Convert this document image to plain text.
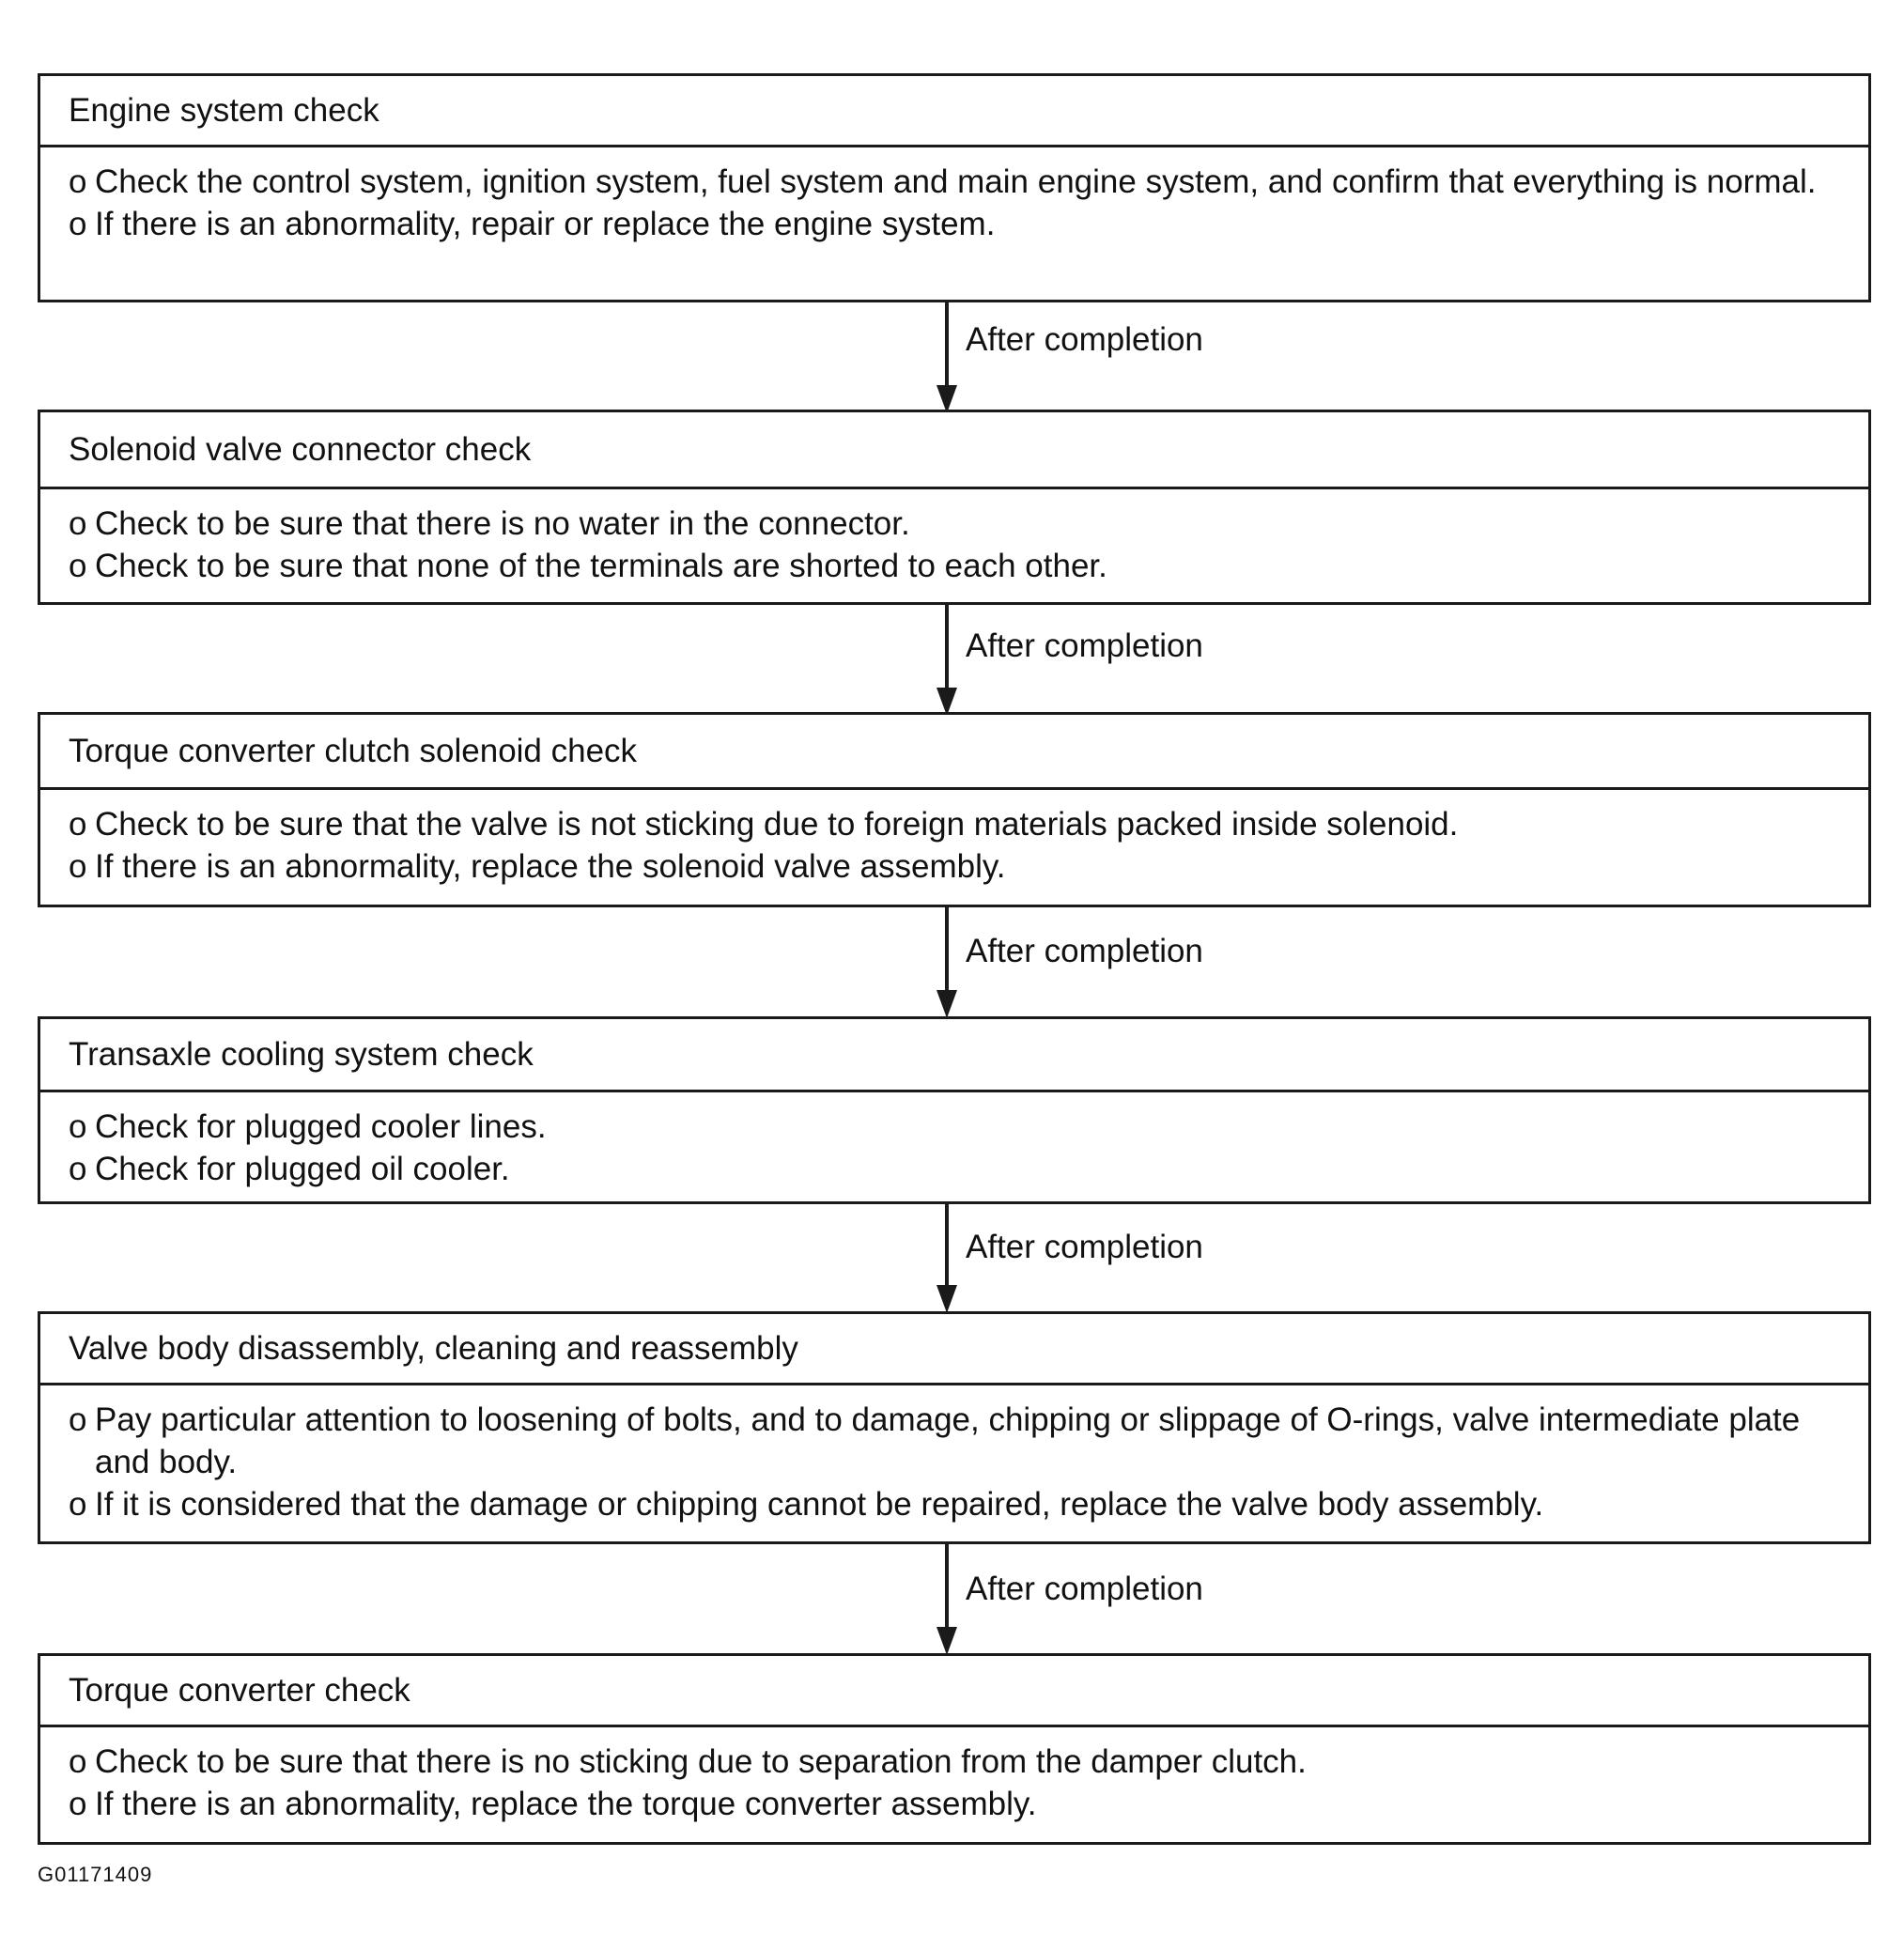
Engine system check
o Check the control system, ignition system, fuel system and main engine system, and confirm that everything is normal.
o If there is an abnormality, repair or replace the engine system.
After completion
Solenoid valve connector check
o Check to be sure that there is no water in the connector.
o Check to be sure that none of the terminals are shorted to each other.
After completion
Torque converter clutch solenoid check
o Check to be sure that the valve is not sticking due to foreign materials packed inside solenoid.
o If there is an abnormality, replace the solenoid valve assembly.
After completion
Transaxle cooling system check
o Check for plugged cooler lines.
o Check for plugged oil cooler.
After completion
Valve body disassembly, cleaning and reassembly
o Pay particular attention to loosening of bolts, and to damage, chipping or slippage of O-rings, valve intermediate plate and body.
o If it is considered that the damage or chipping cannot be repaired, replace the valve body assembly.
After completion
Torque converter check
o Check to be sure that there is no sticking due to separation from the damper clutch.
o If there is an abnormality, replace the torque converter assembly.
G01171409
